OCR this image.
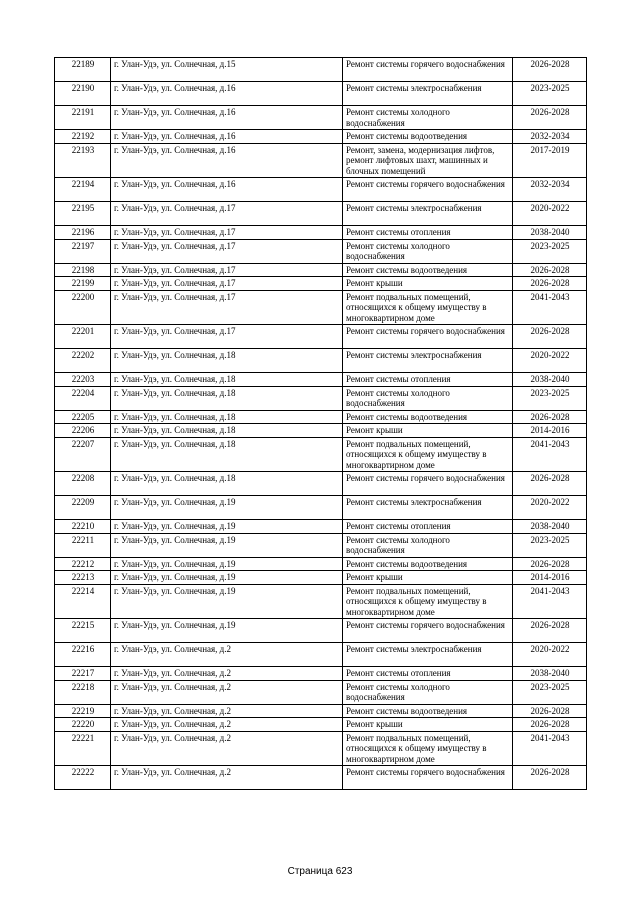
22189	г. Улан-Удэ, ул. Солнечная, д.15	Ремонт системы горячего водоснабжения	2026-2028
22190	г. Улан-Удэ, ул. Солнечная, д.16	Ремонт системы электроснабжения	2023-2025
22191	г. Улан-Удэ, ул. Солнечная, д.16	Ремонт системы холодного водоснабжения	2026-2028
22192	г. Улан-Удэ, ул. Солнечная, д.16	Ремонт системы водоотведения	2032-2034
22193	г. Улан-Удэ, ул. Солнечная, д.16	Ремонт, замена, модернизация лифтов, ремонт лифтовых шахт, машинных и блочных помещений	2017-2019
22194	г. Улан-Удэ, ул. Солнечная, д.16	Ремонт системы горячего водоснабжения	2032-2034
22195	г. Улан-Удэ, ул. Солнечная, д.17	Ремонт системы электроснабжения	2020-2022
22196	г. Улан-Удэ, ул. Солнечная, д.17	Ремонт системы отопления	2038-2040
22197	г. Улан-Удэ, ул. Солнечная, д.17	Ремонт системы холодного водоснабжения	2023-2025
22198	г. Улан-Удэ, ул. Солнечная, д.17	Ремонт системы водоотведения	2026-2028
22199	г. Улан-Удэ, ул. Солнечная, д.17	Ремонт крыши	2026-2028
22200	г. Улан-Удэ, ул. Солнечная, д.17	Ремонт подвальных помещений, относящихся к общему имуществу в многоквартирном доме	2041-2043
22201	г. Улан-Удэ, ул. Солнечная, д.17	Ремонт системы горячего водоснабжения	2026-2028
22202	г. Улан-Удэ, ул. Солнечная, д.18	Ремонт системы электроснабжения	2020-2022
22203	г. Улан-Удэ, ул. Солнечная, д.18	Ремонт системы отопления	2038-2040
22204	г. Улан-Удэ, ул. Солнечная, д.18	Ремонт системы холодного водоснабжения	2023-2025
22205	г. Улан-Удэ, ул. Солнечная, д.18	Ремонт системы водоотведения	2026-2028
22206	г. Улан-Удэ, ул. Солнечная, д.18	Ремонт крыши	2014-2016
22207	г. Улан-Удэ, ул. Солнечная, д.18	Ремонт подвальных помещений, относящихся к общему имуществу в многоквартирном доме	2041-2043
22208	г. Улан-Удэ, ул. Солнечная, д.18	Ремонт системы горячего водоснабжения	2026-2028
22209	г. Улан-Удэ, ул. Солнечная, д.19	Ремонт системы электроснабжения	2020-2022
22210	г. Улан-Удэ, ул. Солнечная, д.19	Ремонт системы отопления	2038-2040
22211	г. Улан-Удэ, ул. Солнечная, д.19	Ремонт системы холодного водоснабжения	2023-2025
22212	г. Улан-Удэ, ул. Солнечная, д.19	Ремонт системы водоотведения	2026-2028
22213	г. Улан-Удэ, ул. Солнечная, д.19	Ремонт крыши	2014-2016
22214	г. Улан-Удэ, ул. Солнечная, д.19	Ремонт подвальных помещений, относящихся к общему имуществу в многоквартирном доме	2041-2043
22215	г. Улан-Удэ, ул. Солнечная, д.19	Ремонт системы горячего водоснабжения	2026-2028
22216	г. Улан-Удэ, ул. Солнечная, д.2	Ремонт системы электроснабжения	2020-2022
22217	г. Улан-Удэ, ул. Солнечная, д.2	Ремонт системы отопления	2038-2040
22218	г. Улан-Удэ, ул. Солнечная, д.2	Ремонт системы холодного водоснабжения	2023-2025
22219	г. Улан-Удэ, ул. Солнечная, д.2	Ремонт системы водоотведения	2026-2028
22220	г. Улан-Удэ, ул. Солнечная, д.2	Ремонт крыши	2026-2028
22221	г. Улан-Удэ, ул. Солнечная, д.2	Ремонт подвальных помещений, относящихся к общему имуществу в многоквартирном доме	2041-2043
22222	г. Улан-Удэ, ул. Солнечная, д.2	Ремонт системы горячего водоснабжения	2026-2028
Страница 623
